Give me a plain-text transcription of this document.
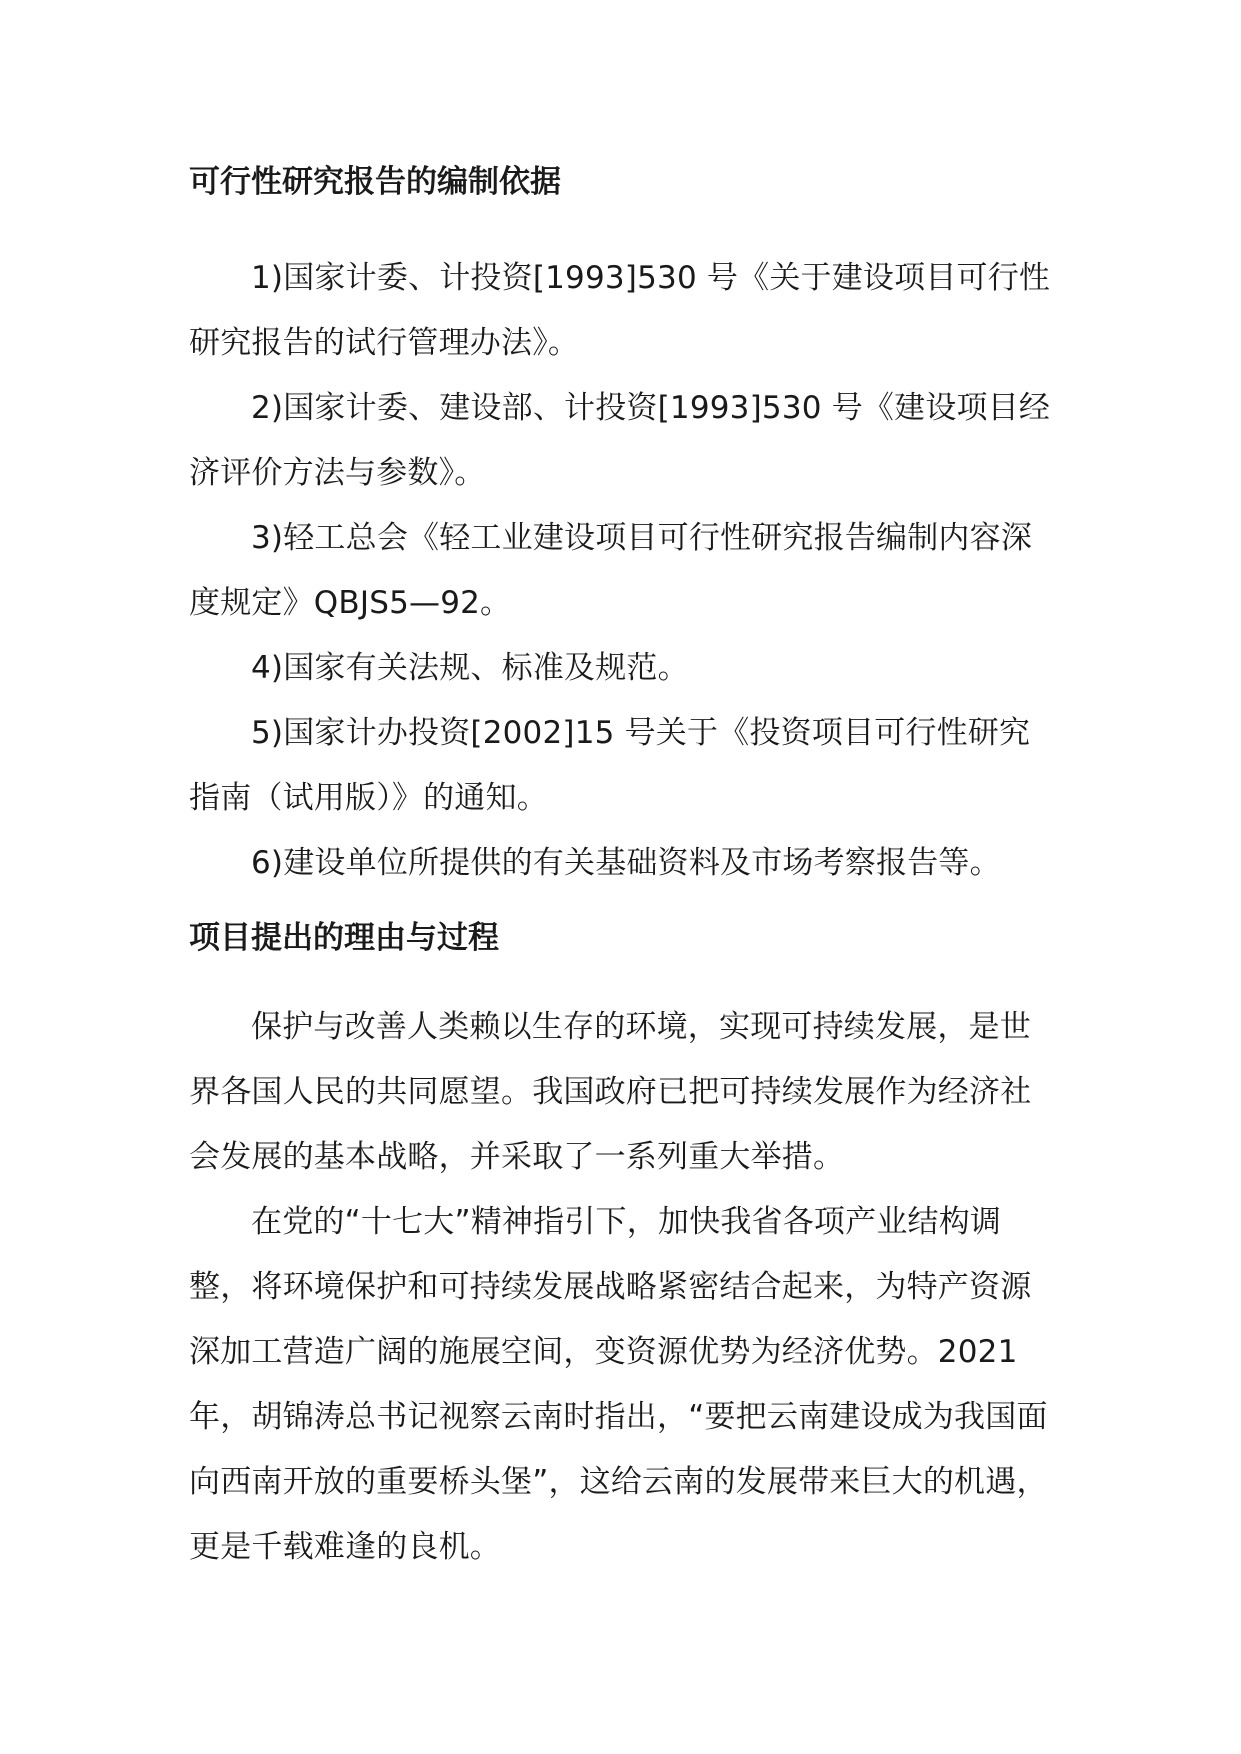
可行性研究报告的编制依据

1)国家计委、计投资[1993]530 号《关于建设项目可行性研究报告的试行管理办法》。

2)国家计委、建设部、计投资[1993]530 号《建设项目经济评价方法与参数》。

3)轻工总会《轻工业建设项目可行性研究报告编制内容深度规定》QBJS5—92。

4)国家有关法规、标准及规范。

5)国家计办投资[2002]15 号关于《投资项目可行性研究指南（试用版）》的通知。

6)建设单位所提供的有关基础资料及市场考察报告等。

项目提出的理由与过程

保护与改善人类赖以生存的环境，实现可持续发展，是世界各国人民的共同愿望。我国政府已把可持续发展作为经济社会发展的基本战略，并采取了一系列重大举措。

在党的“十七大”精神指引下，加快我省各项产业结构调整，将环境保护和可持续发展战略紧密结合起来，为特产资源深加工营造广阔的施展空间，变资源优势为经济优势。2021 年，胡锦涛总书记视察云南时指出，“要把云南建设成为我国面向西南开放的重要桥头堡”，这给云南的发展带来巨大的机遇，更是千载难逢的良机。
